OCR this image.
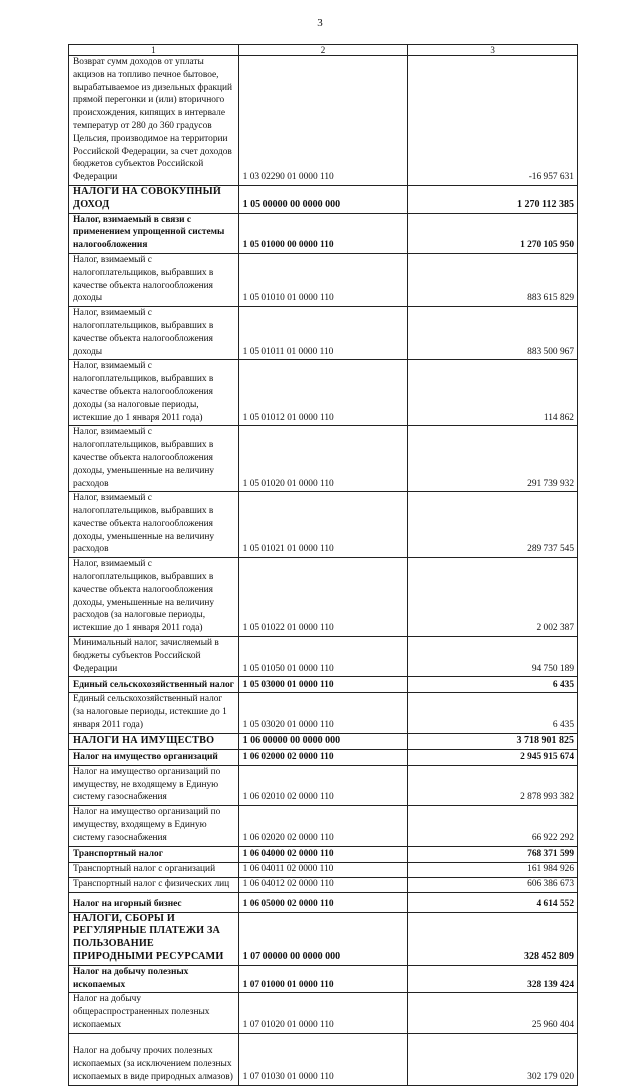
3
1	2	3
Возврат сумм доходов от уплаты акцизов на топливо печное бытовое, вырабатываемое из дизельных фракций прямой перегонки и (или) вторичного происхождения, кипящих в интервале температур от 280 до 360 градусов Цельсия, производимое на территории Российской Федерации, за счет доходов бюджетов субъектов Российской Федерации	1 03 02290 01 0000 110	-16 957 631
НАЛОГИ НА СОВОКУПНЫЙ ДОХОД	1 05 00000 00 0000 000	1 270 112 385
Налог, взимаемый в связи с применением упрощенной системы налогообложения	1 05 01000 00 0000 110	1 270 105 950
Налог, взимаемый с налогоплательщиков, выбравших в качестве объекта налогообложения доходы	1 05 01010 01 0000 110	883 615 829
Налог, взимаемый с налогоплательщиков, выбравших в качестве объекта налогообложения доходы	1 05 01011 01 0000 110	883 500 967
Налог, взимаемый с налогоплательщиков, выбравших в качестве объекта налогообложения доходы (за налоговые периоды, истекшие до 1 января 2011 года)	1 05 01012 01 0000 110	114 862
Налог, взимаемый с налогоплательщиков, выбравших в качестве объекта налогообложения доходы, уменьшенные на величину расходов	1 05 01020 01 0000 110	291 739 932
Налог, взимаемый с налогоплательщиков, выбравших в качестве объекта налогообложения доходы, уменьшенные на величину расходов	1 05 01021 01 0000 110	289 737 545
Налог, взимаемый с налогоплательщиков, выбравших в качестве объекта налогообложения доходы, уменьшенные на величину расходов (за налоговые периоды, истекшие до 1 января 2011 года)	1 05 01022 01 0000 110	2 002 387
Минимальный налог, зачисляемый в бюджеты субъектов Российской Федерации	1 05 01050 01 0000 110	94 750 189
Единый сельскохозяйственный налог	1 05 03000 01 0000 110	6 435
Единый сельскохозяйственный налог (за налоговые периоды, истекшие до 1 января 2011 года)	1 05 03020 01 0000 110	6 435
НАЛОГИ НА ИМУЩЕСТВО	1 06 00000 00 0000 000	3 718 901 825
Налог на имущество организаций	1 06 02000 02 0000 110	2 945 915 674
Налог на имущество организаций по имуществу, не входящему в Единую систему газоснабжения	1 06 02010 02 0000 110	2 878 993 382
Налог на имущество организаций по имуществу, входящему в Единую систему газоснабжения	1 06 02020 02 0000 110	66 922 292
Транспортный налог	1 06 04000 02 0000 110	768 371 599
Транспортный налог с организаций	1 06 04011 02 0000 110	161 984 926
Транспортный налог с физических лиц	1 06 04012 02 0000 110	606 386 673
Налог на игорный бизнес	1 06 05000 02 0000 110	4 614 552
НАЛОГИ, СБОРЫ И РЕГУЛЯРНЫЕ ПЛАТЕЖИ ЗА ПОЛЬЗОВАНИЕ ПРИРОДНЫМИ РЕСУРСАМИ	1 07 00000 00 0000 000	328 452 809
Налог на добычу полезных ископаемых	1 07 01000 01 0000 110	328 139 424
Налог на добычу общераспространенных полезных ископаемых	1 07 01020 01 0000 110	25 960 404
Налог на добычу прочих полезных ископаемых (за исключением полезных ископаемых в виде природных алмазов)	1 07 01030 01 0000 110	302 179 020
